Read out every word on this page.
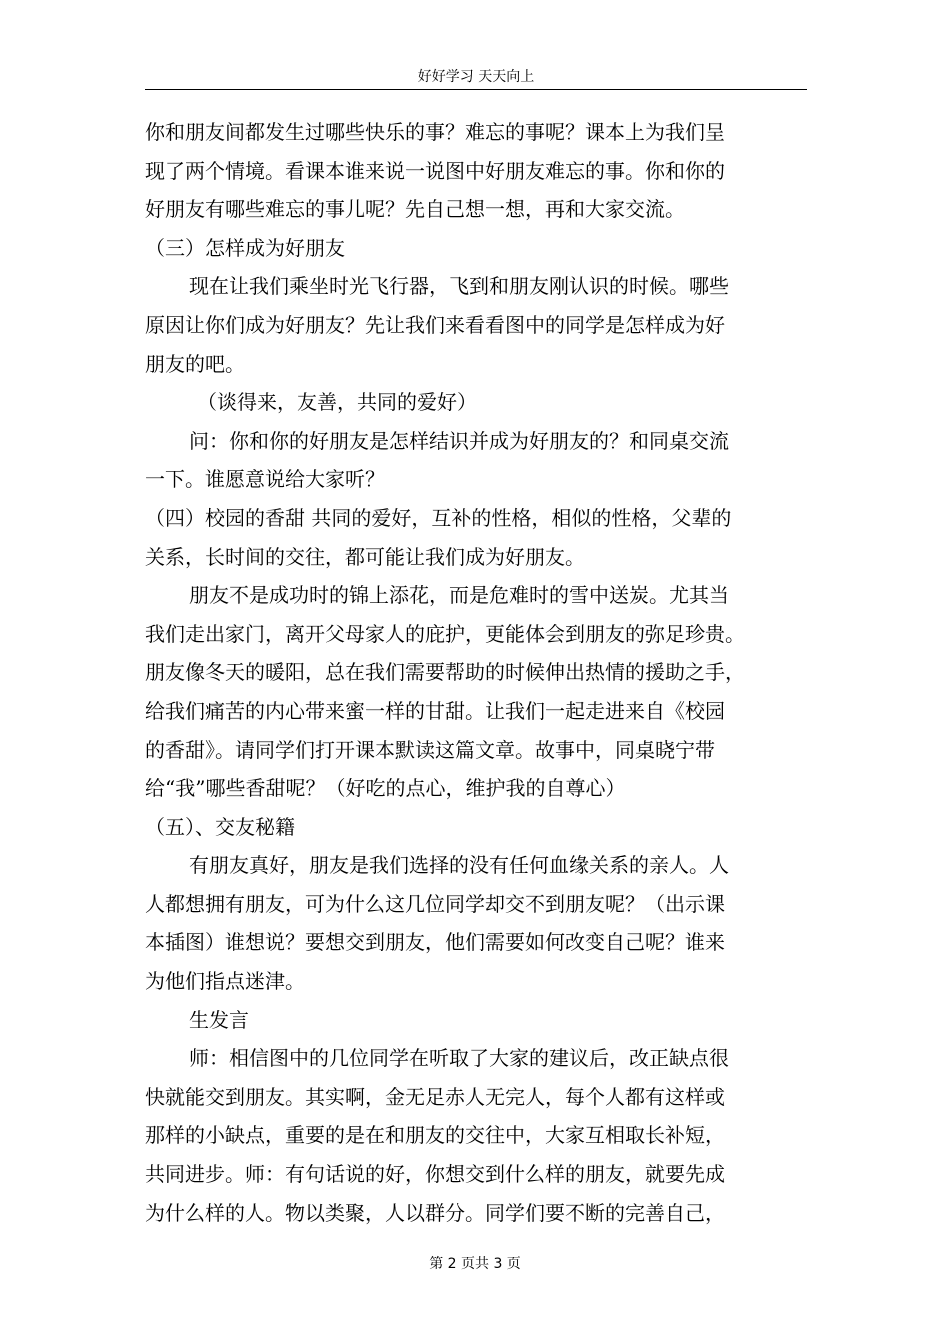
好好学习 天天向上
你和朋友间都发生过哪些快乐的事？难忘的事呢？课本上为我们呈
现了两个情境。看课本谁来说一说图中好朋友难忘的事。你和你的
好朋友有哪些难忘的事儿呢？先自己想一想，再和大家交流。
（三）怎样成为好朋友
现在让我们乘坐时光飞行器，飞到和朋友刚认识的时候。哪些
原因让你们成为好朋友？先让我们来看看图中的同学是怎样成为好
朋友的吧。
（谈得来，友善，共同的爱好）
问：你和你的好朋友是怎样结识并成为好朋友的？和同桌交流
一下。谁愿意说给大家听？
（四）校园的香甜 共同的爱好，互补的性格，相似的性格，父辈的
关系，长时间的交往，都可能让我们成为好朋友。
朋友不是成功时的锦上添花，而是危难时的雪中送炭。尤其当
我们走出家门，离开父母家人的庇护，更能体会到朋友的弥足珍贵。
朋友像冬天的暖阳，总在我们需要帮助的时候伸出热情的援助之手，
给我们痛苦的内心带来蜜一样的甘甜。让我们一起走进来自《校园
的香甜》。请同学们打开课本默读这篇文章。故事中，同桌晓宁带
给“我”哪些香甜呢？（好吃的点心，维护我的自尊心）
（五）、交友秘籍
有朋友真好，朋友是我们选择的没有任何血缘关系的亲人。人
人都想拥有朋友，可为什么这几位同学却交不到朋友呢？（出示课
本插图）谁想说？要想交到朋友，他们需要如何改变自己呢？谁来
为他们指点迷津。
生发言
师：相信图中的几位同学在听取了大家的建议后，改正缺点很
快就能交到朋友。其实啊，金无足赤人无完人，每个人都有这样或
那样的小缺点，重要的是在和朋友的交往中，大家互相取长补短，
共同进步。师：有句话说的好，你想交到什么样的朋友，就要先成
为什么样的人。物以类聚，人以群分。同学们要不断的完善自己，
第 2 页共 3 页
